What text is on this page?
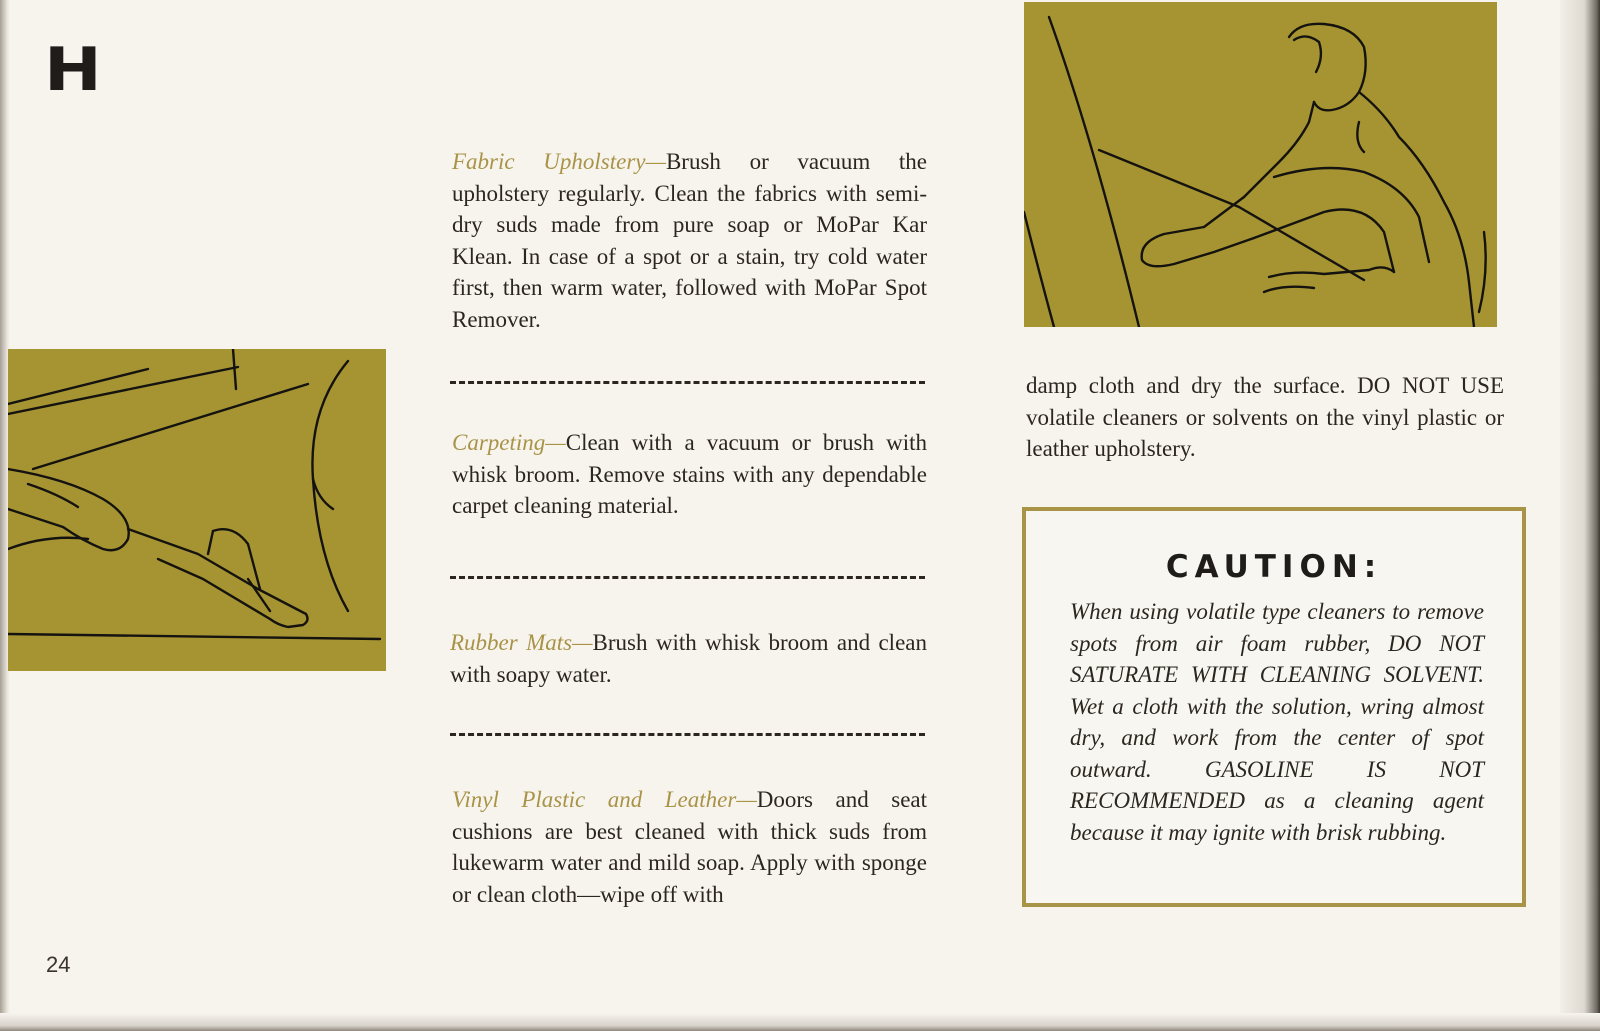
H

Fabric Upholstery—Brush or vacuum the upholstery regularly. Clean the fabrics with semi-dry suds made from pure soap or MoPar Kar Klean. In case of a spot or a stain, try cold water first, then warm water, followed with MoPar Spot Remover.

Carpeting—Clean with a vacuum or brush with whisk broom. Remove stains with any dependable carpet cleaning material.

Rubber Mats—Brush with whisk broom and clean with soapy water.

Vinyl Plastic and Leather—Doors and seat cushions are best cleaned with thick suds from lukewarm water and mild soap. Apply with sponge or clean cloth—wipe off with

damp cloth and dry the surface. DO NOT USE volatile cleaners or solvents on the vinyl plastic or leather upholstery.

CAUTION:

When using volatile type cleaners to remove spots from air foam rubber, DO NOT SATURATE WITH CLEANING SOLVENT. Wet a cloth with the solution, wring almost dry, and work from the center of spot outward. GASOLINE IS NOT RECOMMENDED as a cleaning agent because it may ignite with brisk rubbing.

24
